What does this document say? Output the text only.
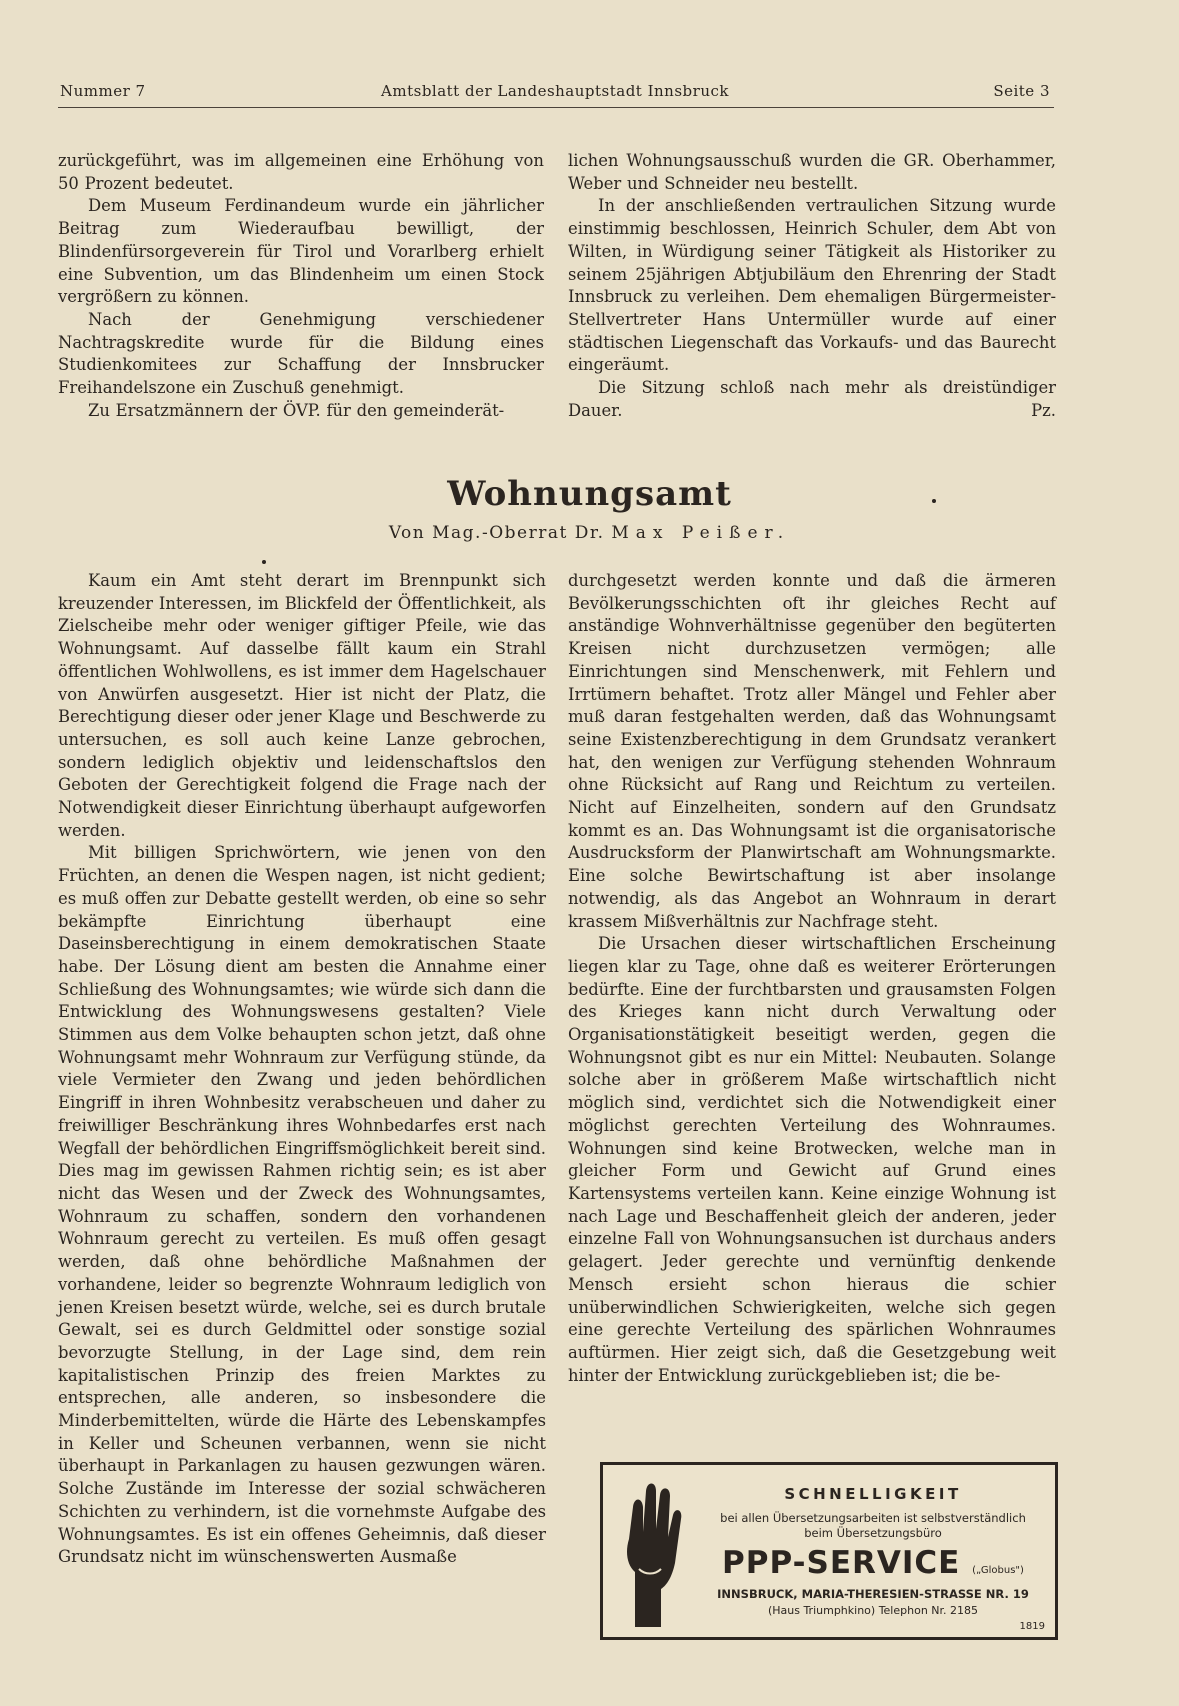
Nummer 7	Amtsblatt der Landeshauptstadt Innsbruck	Seite 3

zurückgeführt, was im allgemeinen eine Erhöhung von 50 Prozent bedeutet.

Dem Museum Ferdinandeum wurde ein jährlicher Beitrag zum Wiederaufbau bewilligt, der Blindenfürsorgeverein für Tirol und Vorarlberg erhielt eine Subvention, um das Blindenheim um einen Stock vergrößern zu können.

Nach der Genehmigung verschiedener Nachtragskredite wurde für die Bildung eines Studienkomitees zur Schaffung der Innsbrucker Freihandelszone ein Zuschuß genehmigt.

Zu Ersatzmännern der ÖVP. für den gemeinderät-

lichen Wohnungsausschuß wurden die GR. Oberhammer, Weber und Schneider neu bestellt.

In der anschließenden vertraulichen Sitzung wurde einstimmig beschlossen, Heinrich Schuler, dem Abt von Wilten, in Würdigung seiner Tätigkeit als Historiker zu seinem 25jährigen Abtjubiläum den Ehrenring der Stadt Innsbruck zu verleihen. Dem ehemaligen Bürgermeister-Stellvertreter Hans Untermüller wurde auf einer städtischen Liegenschaft das Vorkaufs- und das Baurecht eingeräumt.

Die Sitzung schloß nach mehr als dreistündiger Dauer.	Pz.

Wohnungsamt
Von Mag.-Oberrat Dr. Max Peißer.

Kaum ein Amt steht derart im Brennpunkt sich kreuzender Interessen, im Blickfeld der Öffentlichkeit, als Zielscheibe mehr oder weniger giftiger Pfeile, wie das Wohnungsamt. Auf dasselbe fällt kaum ein Strahl öffentlichen Wohlwollens, es ist immer dem Hagelschauer von Anwürfen ausgesetzt. Hier ist nicht der Platz, die Berechtigung dieser oder jener Klage und Beschwerde zu untersuchen, es soll auch keine Lanze gebrochen, sondern lediglich objektiv und leidenschaftslos den Geboten der Gerechtigkeit folgend die Frage nach der Notwendigkeit dieser Einrichtung überhaupt aufgeworfen werden.

Mit billigen Sprichwörtern, wie jenen von den Früchten, an denen die Wespen nagen, ist nicht gedient; es muß offen zur Debatte gestellt werden, ob eine so sehr bekämpfte Einrichtung überhaupt eine Daseinsberechtigung in einem demokratischen Staate habe. Der Lösung dient am besten die Annahme einer Schließung des Wohnungsamtes; wie würde sich dann die Entwicklung des Wohnungswesens gestalten? Viele Stimmen aus dem Volke behaupten schon jetzt, daß ohne Wohnungsamt mehr Wohnraum zur Verfügung stünde, da viele Vermieter den Zwang und jeden behördlichen Eingriff in ihren Wohnbesitz verabscheuen und daher zu freiwilliger Beschränkung ihres Wohnbedarfes erst nach Wegfall der behördlichen Eingriffsmöglichkeit bereit sind. Dies mag im gewissen Rahmen richtig sein; es ist aber nicht das Wesen und der Zweck des Wohnungsamtes, Wohnraum zu schaffen, sondern den vorhandenen Wohnraum gerecht zu verteilen. Es muß offen gesagt werden, daß ohne behördliche Maßnahmen der vorhandene, leider so begrenzte Wohnraum lediglich von jenen Kreisen besetzt würde, welche, sei es durch brutale Gewalt, sei es durch Geldmittel oder sonstige sozial bevorzugte Stellung, in der Lage sind, dem rein kapitalistischen Prinzip des freien Marktes zu entsprechen, alle anderen, so insbesondere die Minderbemittelten, würde die Härte des Lebenskampfes in Keller und Scheunen verbannen, wenn sie nicht überhaupt in Parkanlagen zu hausen gezwungen wären. Solche Zustände im Interesse der sozial schwächeren Schichten zu verhindern, ist die vornehmste Aufgabe des Wohnungsamtes. Es ist ein offenes Geheimnis, daß dieser Grundsatz nicht im wünschenswerten Ausmaße

durchgesetzt werden konnte und daß die ärmeren Bevölkerungsschichten oft ihr gleiches Recht auf anständige Wohnverhältnisse gegenüber den begüterten Kreisen nicht durchzusetzen vermögen; alle Einrichtungen sind Menschenwerk, mit Fehlern und Irrtümern behaftet. Trotz aller Mängel und Fehler aber muß daran festgehalten werden, daß das Wohnungsamt seine Existenzberechtigung in dem Grundsatz verankert hat, den wenigen zur Verfügung stehenden Wohnraum ohne Rücksicht auf Rang und Reichtum zu verteilen. Nicht auf Einzelheiten, sondern auf den Grundsatz kommt es an. Das Wohnungsamt ist die organisatorische Ausdrucksform der Planwirtschaft am Wohnungsmarkte. Eine solche Bewirtschaftung ist aber insolange notwendig, als das Angebot an Wohnraum in derart krassem Mißverhältnis zur Nachfrage steht.

Die Ursachen dieser wirtschaftlichen Erscheinung liegen klar zu Tage, ohne daß es weiterer Erörterungen bedürfte. Eine der furchtbarsten und grausamsten Folgen des Krieges kann nicht durch Verwaltung oder Organisationstätigkeit beseitigt werden, gegen die Wohnungsnot gibt es nur ein Mittel: Neubauten. Solange solche aber in größerem Maße wirtschaftlich nicht möglich sind, verdichtet sich die Notwendigkeit einer möglichst gerechten Verteilung des Wohnraumes. Wohnungen sind keine Brotwecken, welche man in gleicher Form und Gewicht auf Grund eines Kartensystems verteilen kann. Keine einzige Wohnung ist nach Lage und Beschaffenheit gleich der anderen, jeder einzelne Fall von Wohnungsansuchen ist durchaus anders gelagert. Jeder gerechte und vernünftig denkende Mensch ersieht schon hieraus die schier unüberwindlichen Schwierigkeiten, welche sich gegen eine gerechte Verteilung des spärlichen Wohnraumes auftürmen. Hier zeigt sich, daß die Gesetzgebung weit hinter der Entwicklung zurückgeblieben ist; die be-

SCHNELLIGKEIT
bei allen Übersetzungsarbeiten ist selbstverständlich
beim Übersetzungsbüro
PPP-SERVICE („Globus")
INNSBRUCK, MARIA-THERESIEN-STRASSE NR. 19
(Haus Triumphkino) Telephon Nr. 2185
1819
